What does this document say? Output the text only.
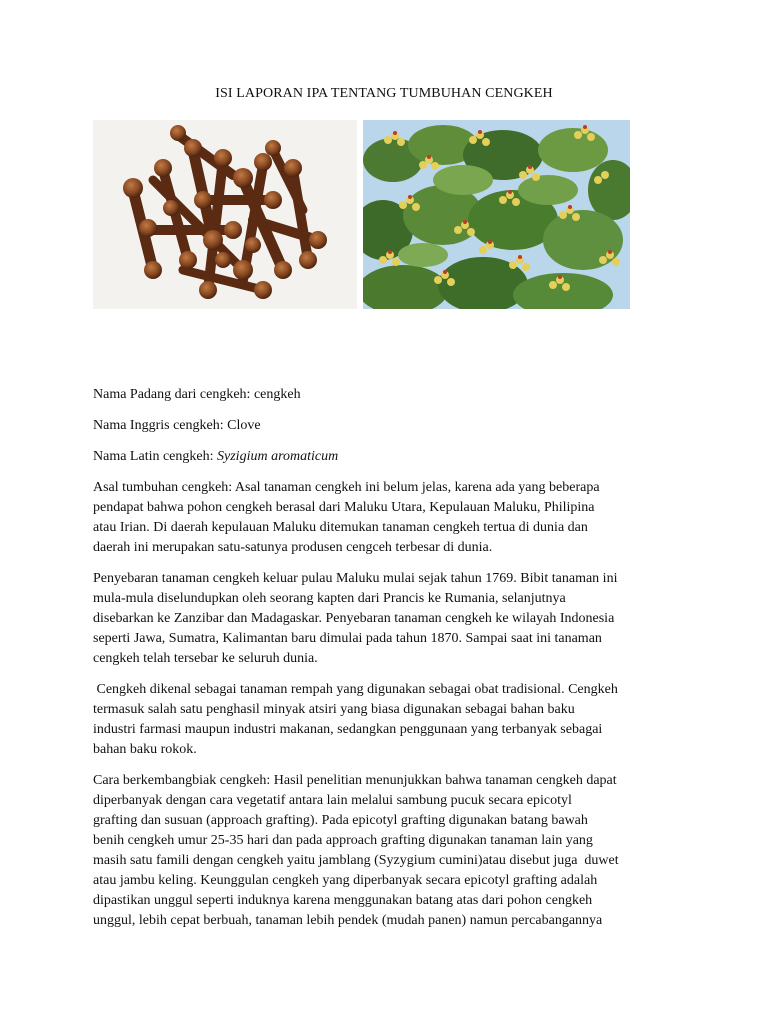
ISI LAPORAN IPA TENTANG TUMBUHAN CENGKEH

Nama Padang dari cengkeh: cengkeh

Nama Inggris cengkeh: Clove

Nama Latin cengkeh: Syzigium aromaticum

Asal tumbuhan cengkeh: Asal tanaman cengkeh ini belum jelas, karena ada yang beberapa
pendapat bahwa pohon cengkeh berasal dari Maluku Utara, Kepulauan Maluku, Philipina
atau Irian. Di daerah kepulauan Maluku ditemukan tanaman cengkeh tertua di dunia dan
daerah ini merupakan satu-satunya produsen cengceh terbesar di dunia.

Penyebaran tanaman cengkeh keluar pulau Maluku mulai sejak tahun 1769. Bibit tanaman ini
mula-mula diselundupkan oleh seorang kapten dari Prancis ke Rumania, selanjutnya
disebarkan ke Zanzibar dan Madagaskar. Penyebaran tanaman cengkeh ke wilayah Indonesia
seperti Jawa, Sumatra, Kalimantan baru dimulai pada tahun 1870. Sampai saat ini tanaman
cengkeh telah tersebar ke seluruh dunia.

Cengkeh dikenal sebagai tanaman rempah yang digunakan sebagai obat tradisional. Cengkeh
termasuk salah satu penghasil minyak atsiri yang biasa digunakan sebagai bahan baku
industri farmasi maupun industri makanan, sedangkan penggunaan yang terbanyak sebagai
bahan baku rokok.

Cara berkembangbiak cengkeh: Hasil penelitian menunjukkan bahwa tanaman cengkeh dapat
diperbanyak dengan cara vegetatif antara lain melalui sambung pucuk secara epicotyl
grafting dan susuan (approach grafting). Pada epicotyl grafting digunakan batang bawah
benih cengkeh umur 25-35 hari dan pada approach grafting digunakan tanaman lain yang
masih satu famili dengan cengkeh yaitu jamblang (Syzygium cumini)atau disebut juga  duwet
atau jambu keling. Keunggulan cengkeh yang diperbanyak secara epicotyl grafting adalah
dipastikan unggul seperti induknya karena menggunakan batang atas dari pohon cengkeh
unggul, lebih cepat berbuah, tanaman lebih pendek (mudah panen) namun percabangannya
